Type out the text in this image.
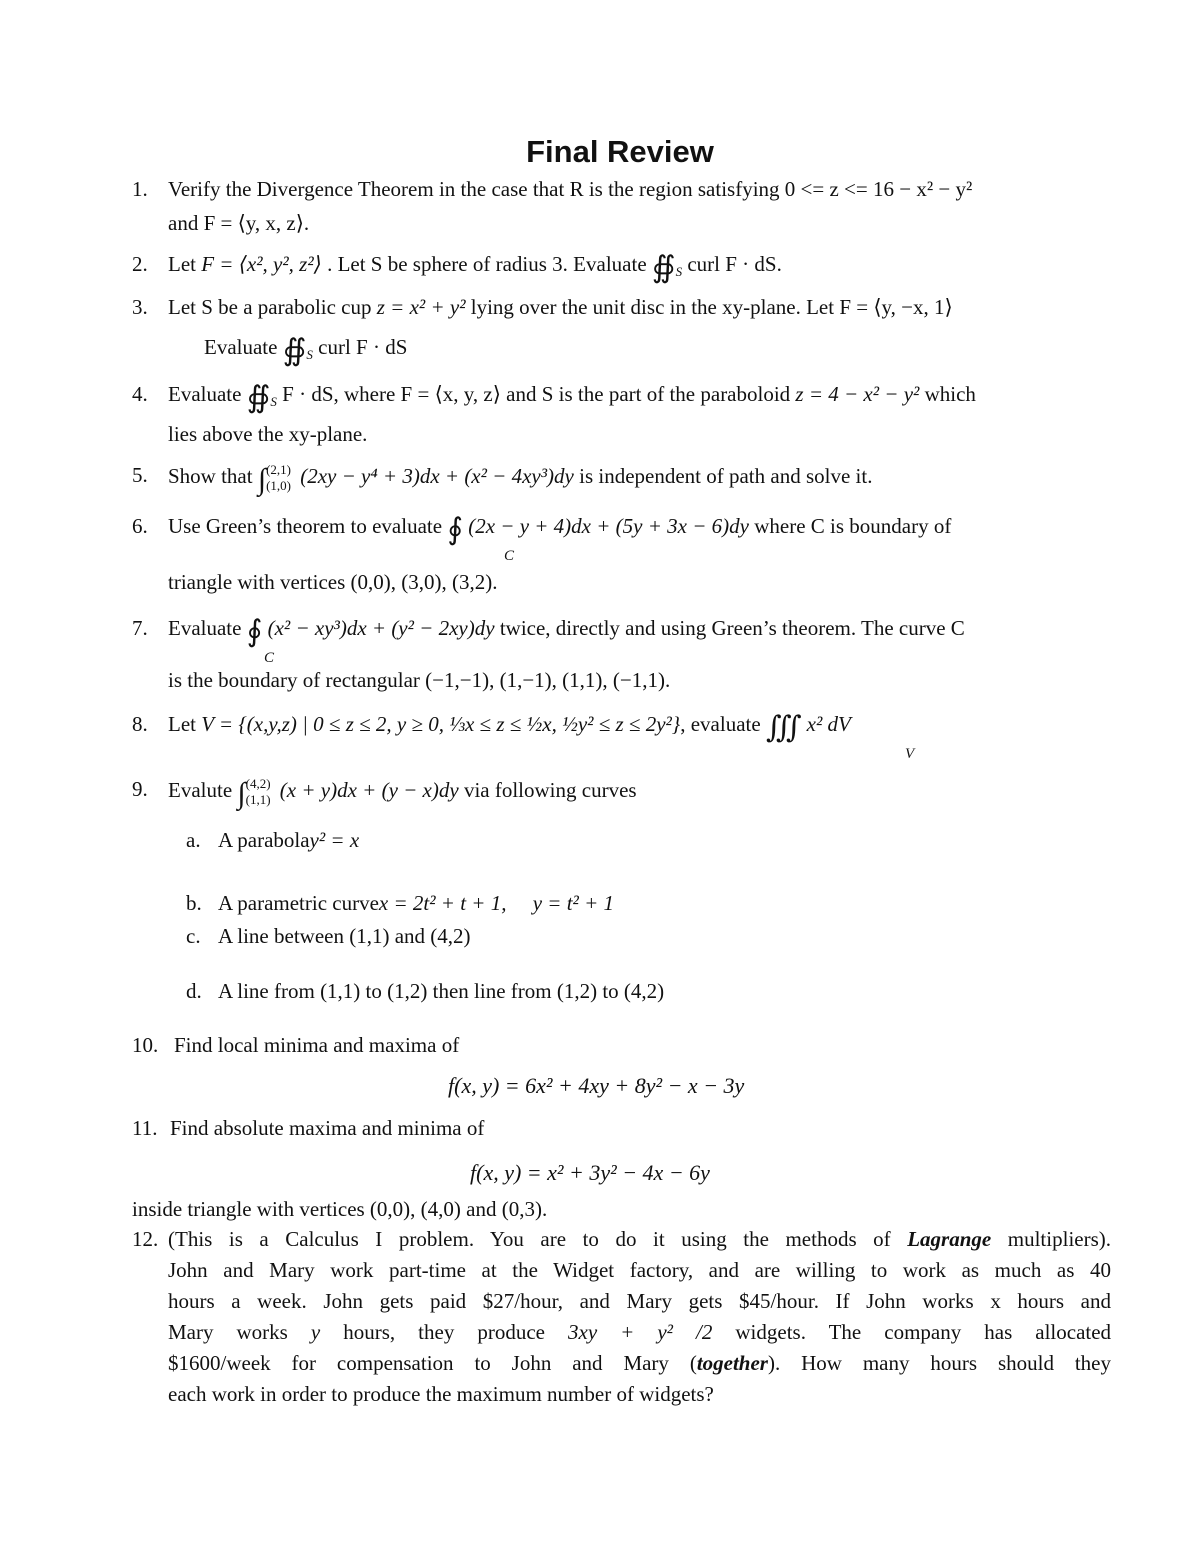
Final Review
1. Verify the Divergence Theorem in the case that R is the region satisfying 0 <= z <= 16 − x² − y²
and F = ⟨y, x, z⟩.
2. Let F = ⟨x², y², z²⟩ . Let S be sphere of radius 3. Evaluate $∯_S$ curl F · dS.
3. Let S be a parabolic cup z = x² + y² lying over the unit disc in the xy-plane. Let F = ⟨y, −x, 1⟩
Evaluate $∯_S$ curl F · dS
4. Evaluate $∯_S$ F · dS, where F = ⟨x, y, z⟩ and S is the part of the paraboloid z = 4 − x² − y² which
lies above the xy-plane.
5. Show that ∫ (2,1)
(1,0) (2xy − y⁴ + 3)dx + (x² − 4xy³)dy is independent of path and solve it.
6. Use Green’s theorem to evaluate ∮ (2x − y + 4)dx + (5y + 3x − 6)dy where C is boundary of
C
triangle with vertices (0,0), (3,0), (3,2).
7. Evaluate ∮ (x² − xy³)dx + (y² − 2xy)dy twice, directly and using Green’s theorem. The curve C
C
is the boundary of rectangular (−1,−1), (1,−1), (1,1), (−1,1).
8. Let V = {(x,y,z) | 0 ≤ z ≤ 2, y ≥ 0, ⅓x ≤ z ≤ ½x, ½y² ≤ z ≤ 2y²}, evaluate ∭ x² dV
V
9. Evalute ∫ (4,2)
(1,1) (x + y)dx + (y − x)dy via following curves
a. A parabolay² = x
b. A parametric curvex = 2t² + t + 1,     y = t² + 1
c. A line between (1,1) and (4,2)
d. A line from (1,1) to (1,2) then line from (1,2) to (4,2)
10. Find local minima and maxima of
f(x, y) = 6x² + 4xy + 8y² − x − 3y
11. Find absolute maxima and minima of
f(x, y) = x² + 3y² − 4x − 6y
inside triangle with vertices (0,0), (4,0) and (0,3).
12. (This is a Calculus I problem. You are to do it using the methods of Lagrange multipliers).
John and Mary work part-time at the Widget factory, and are willing to work as much as 40
hours a week. John gets paid $27/hour, and Mary gets $45/hour. If John works x hours and
Mary works y hours, they produce 3xy + y² /2 widgets. The company has allocated
$1600/week for compensation to John and Mary (together). How many hours should they
each work in order to produce the maximum number of widgets?
